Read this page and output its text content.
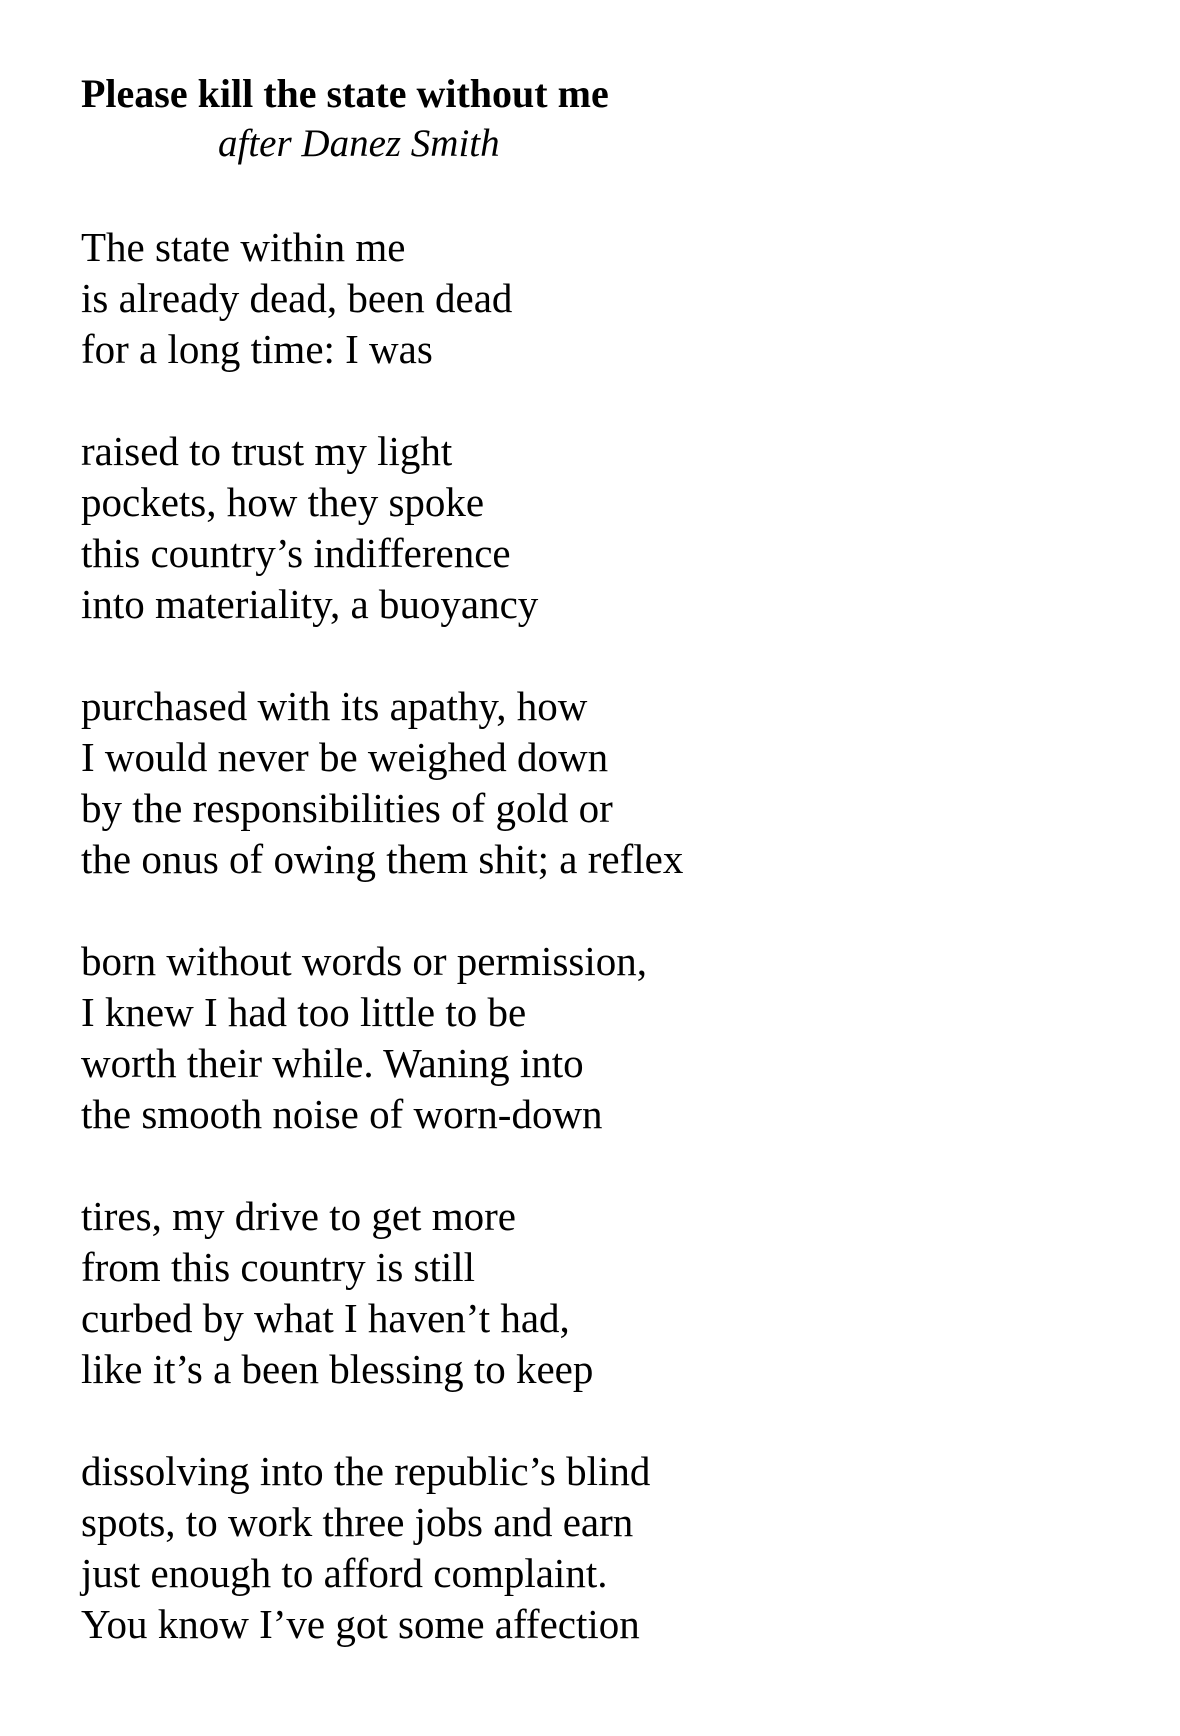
Please kill the state without me
after Danez Smith
The state within me
is already dead, been dead
for a long time: I was
raised to trust my light
pockets, how they spoke
this country’s indifference
into materiality, a buoyancy
purchased with its apathy, how
I would never be weighed down
by the responsibilities of gold or
the onus of owing them shit; a reflex
born without words or permission,
I knew I had too little to be
worth their while. Waning into
the smooth noise of worn-down
tires, my drive to get more
from this country is still
curbed by what I haven’t had,
like it’s a been blessing to keep
dissolving into the republic’s blind
spots, to work three jobs and earn
just enough to afford complaint.
You know I’ve got some affection
